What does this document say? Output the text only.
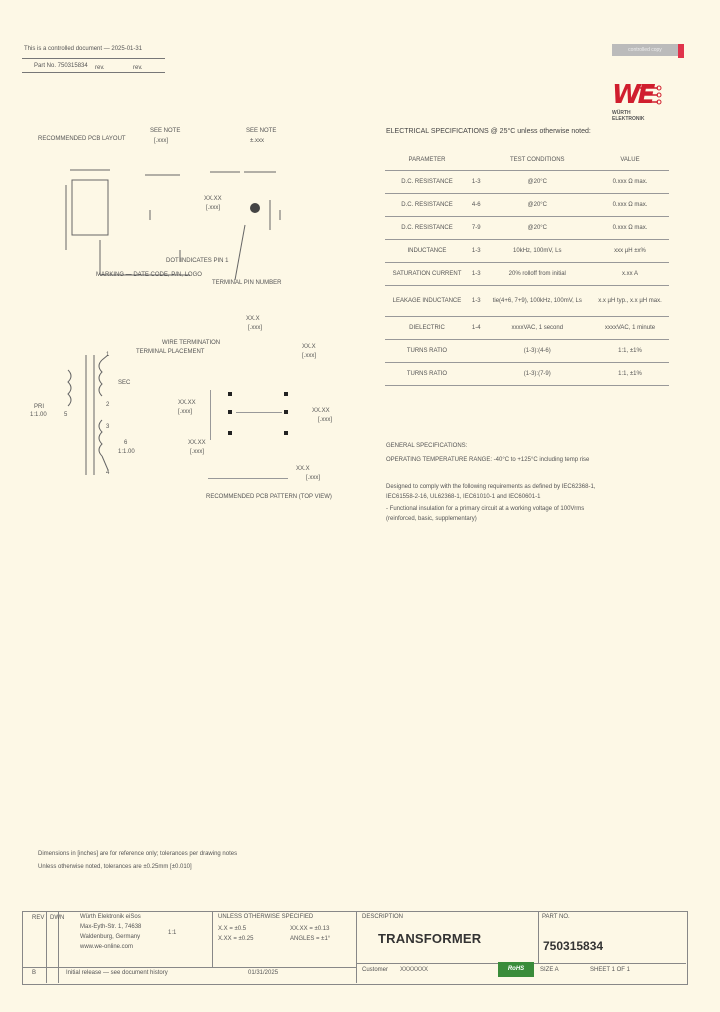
This is a controlled document — 2025-01-31
Part No. 750315834 rev.	rev.
controlled copy
WE
WÜRTH ELEKTRONIK
RECOMMENDED PCB LAYOUT
SEE NOTE
[.xxx]
SEE NOTE
±.xxx
XX.XX
[.xxx]
DOT INDICATES PIN 1
MARKING — DATE CODE, P/N, LOGO
TERMINAL PIN NUMBER
XX.X
[.xxx]
WIRE TERMINATION
TERMINAL PLACEMENT
XX.X
[.xxx]
1
2
3
4
5
6
PRI
1:1.00
SEC
1:1.00
XX.XX
[.xxx]
XX.XX
[.xxx]
XX.XX
[.xxx]
XX.X
[.xxx]
RECOMMENDED PCB PATTERN (TOP VIEW)
ELECTRICAL SPECIFICATIONS @ 25°C unless otherwise noted:
PARAMETER		TEST CONDITIONS	VALUE
D.C. RESISTANCE	1-3	@20°C	0.xxx Ω max.
D.C. RESISTANCE	4-6	@20°C	0.xxx Ω max.
D.C. RESISTANCE	7-9	@20°C	0.xxx Ω max.
INDUCTANCE	1-3	10kHz, 100mV, Ls	xxx µH ±x%
SATURATION CURRENT	1-3	20% rolloff from initial	x.xx A
LEAKAGE INDUCTANCE	1-3	tie(4+6, 7+9), 100kHz, 100mV, Ls	x.x µH typ., x.x µH max.
DIELECTRIC	1-4	xxxxVAC, 1 second	xxxxVAC, 1 minute
TURNS RATIO		(1-3):(4-6)	1:1, ±1%
TURNS RATIO		(1-3):(7-9)	1:1, ±1%
GENERAL SPECIFICATIONS:
OPERATING TEMPERATURE RANGE: -40°C to +125°C including temp rise
Designed to comply with the following requirements as defined by IEC62368-1,
IEC61558-2-16, UL62368-1, IEC61010-1 and IEC60601-1
- Functional insulation for a primary circuit at a working voltage of 100Vrms
(reinforced, basic, supplementary)
Dimensions in [inches] are for reference only; tolerances per drawing notes
Unless otherwise noted, tolerances are ±0.25mm [±0.010]
REV
B
DWN	Würth Elektronik eiSos
Max-Eyth-Str. 1, 74638
Waldenburg, Germany
www.we-online.com
1:1
UNLESS OTHERWISE SPECIFIED
X.X = ±0.5
X.XX = ±0.25
XX.XX = ±0.13
ANGLES = ±1°
Initial release — see document history	01/31/2025
DESCRIPTION
TRANSFORMER
PART NO.
750315834
Customer XXXXXXX	RoHS	SIZE A	SHEET 1 OF 1
